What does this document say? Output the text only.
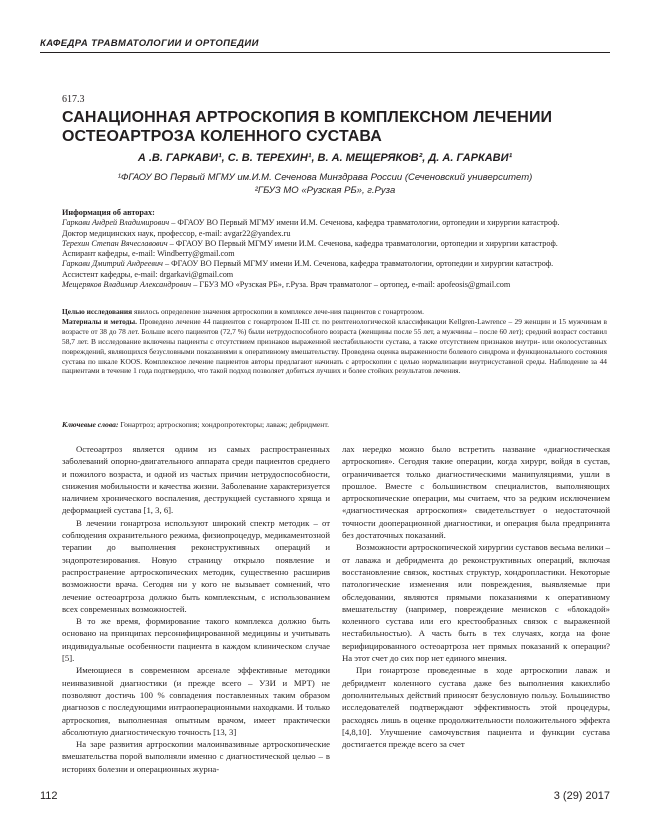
КАФЕДРА ТРАВМАТОЛОГИИ И ОРТОПЕДИИ
617.3
САНАЦИОННАЯ АРТРОСКОПИЯ В КОМПЛЕКСНОМ ЛЕЧЕНИИ
ОСТЕОАРТРОЗА КОЛЕННОГО СУСТАВА
А .В. ГАРКАВИ¹, С. В. ТЕРЕХИН¹, В. А. МЕЩЕРЯКОВ², Д. А. ГАРКАВИ¹
¹ФГАОУ ВО Первый МГМУ им.И.М. Сеченова Минздрава России (Сеченовский университет)
²ГБУЗ МО «Рузская РБ», г.Руза
Информация об авторах:
Гаркави Андрей Владимирович – ФГАОУ ВО Первый МГМУ имени И.М. Сеченова, кафедра травматологии, ортопедии и хирургии катастроф.
Доктор медицинских наук, профессор, e-mail: avgar22@yandex.ru
Терехин Степан Вячеславович – ФГАОУ ВО Первый МГМУ имени И.М. Сеченова, кафедра травматологии, ортопедии и хирургии катастроф.
Аспирант кафедры, e-mail: Windberry@gmail.com
Гаркави Дмитрий Андреевич – ФГАОУ ВО Первый МГМУ имени И.М. Сеченова, кафедра травматологии, ортопедии и хирургии катастроф.
Ассистент кафедры, e-mail: drgarkavi@gmail.com
Мещеряков Владимир Александрович – ГБУЗ МО «Рузская РБ», г.Руза. Врач травматолог – ортопед, e-mail: apofeosis@gmail.com

Целью исследования явилось определение значения артроскопии в комплексе лече-ния пациентов с гонартрозом.

Материалы и методы. Проведено лечение 44 пациентов с гонартрозом II-III ст. по рентгенологической классификации Kellgren-Lawrence – 29 женщин и 15 мужчинам в возрасте от 38 до 78 лет. Больше всего пациентов (72,7 %) были нетрудоспособного возраста (женщины после 55 лет, а мужчины – после 60 лет); средний возраст составил 58,7 лет. В исследование включены пациенты с отсутствием признаков выраженной нестабильности сустава, а также отсутствием признаков внутри- или околосуставных повреждений, являющихся безусловными показаниями к оперативному вмешательству. Проведена оценка выраженности болевого синдрома и функционального состояния сустава по шкале KOOS. Комплексное лечение пациентов авторы предлагают начинать с артроскопии с целью нормализации внутрисуставной среды. Наблюдение за 44 пациентами в течение 1 года подтвердило, что такой подход позволяет добиться лучших и более стойких результатов лечения.

Ключевые слова: Гонартроз; артроскопия; хондропротекторы; лаваж; дебридмент.

Остеоартроз является одним из самых распространенных заболеваний опорно-двигательного аппарата среди пациентов среднего и пожилого возраста, и одной из частых причин нетрудоспособности, снижения мобильности и качества жизни. Заболевание характеризуется наличием хронического воспаления, деструкцией суставного хряща и деформацией сустава [1, 3, 6].

В лечении гонартроза используют широкий спектр методик – от соблюдения охранительного режима, физиопроцедур, медикаментозной терапии до выполнения реконструктивных операций и эндопротезирования. Новую страницу открыло появление и распространение артроскопических методик, существенно расширив возможности врача. Сегодня ни у кого не вызывает сомнений, что лечение остеоартроза должно быть комплексным, с использованием всех современных возможностей.

В то же время, формирование такого комплекса должно быть основано на принципах персонифицированной медицины и учитывать индивидуальные особенности пациента в каждом клиническом случае [5].

Имеющиеся в современном арсенале эффективные методики неинвазивной диагностики (и прежде всего – УЗИ и МРТ) не позволяют достичь 100 % совпадения поставленных таким образом диагнозов с последующими интраоперационными находками. И только артроскопия, выполненная опытным врачом, имеет практически абсолютную диагностическую точность [13, 3]

На заре развития артроскопии малоинвазивные артроскопические вмешательства порой выполняли именно с диагностической целью – в историях болезни и операционных журна-

лах нередко можно было встретить название «диагностическая артроскопия». Сегодня такие операции, когда хирург, войдя в сустав, ограничивается только диагностическими манипуляциями, ушли в прошлое. Вместе с большинством специалистов, выполняющих артроскопические операции, мы считаем, что за редким исключением «диагностическая артроскопия» свидетельствует о недостаточной точности дооперационной диагностики, и операция была предпринята без достаточных показаний.

Возможности артроскопической хирургии суставов весьма велики – от лаважа и дебридмента до реконструктивных операций, включая восстановление связок, костных структур, хондропластики. Некоторые патологические изменения или повреждения, выявляемые при обследовании, являются прямыми показаниями к оперативному вмешательству (например, повреждение менисков с «блокадой» коленного сустава или его крестообразных связок с выраженной нестабильностью). А часть быть в тех случаях, когда на фоне верифицированного остеоартроза нет прямых показаний к операции? На этот счет до сих пор нет единого мнения.

При гонартрозе проведенные в ходе артроскопии лаваж и дебридмент коленного сустава даже без выполнения какихлибо дополнительных действий приносят безусловную пользу. Большинство исследователей подтверждают эффективность этой процедуры, расходясь лишь в оценке продолжительности положительного эффекта [4,8,10]. Улучшение самочувствия пациента и функции сустава достигается прежде всего за счет

112	3 (29) 2017
